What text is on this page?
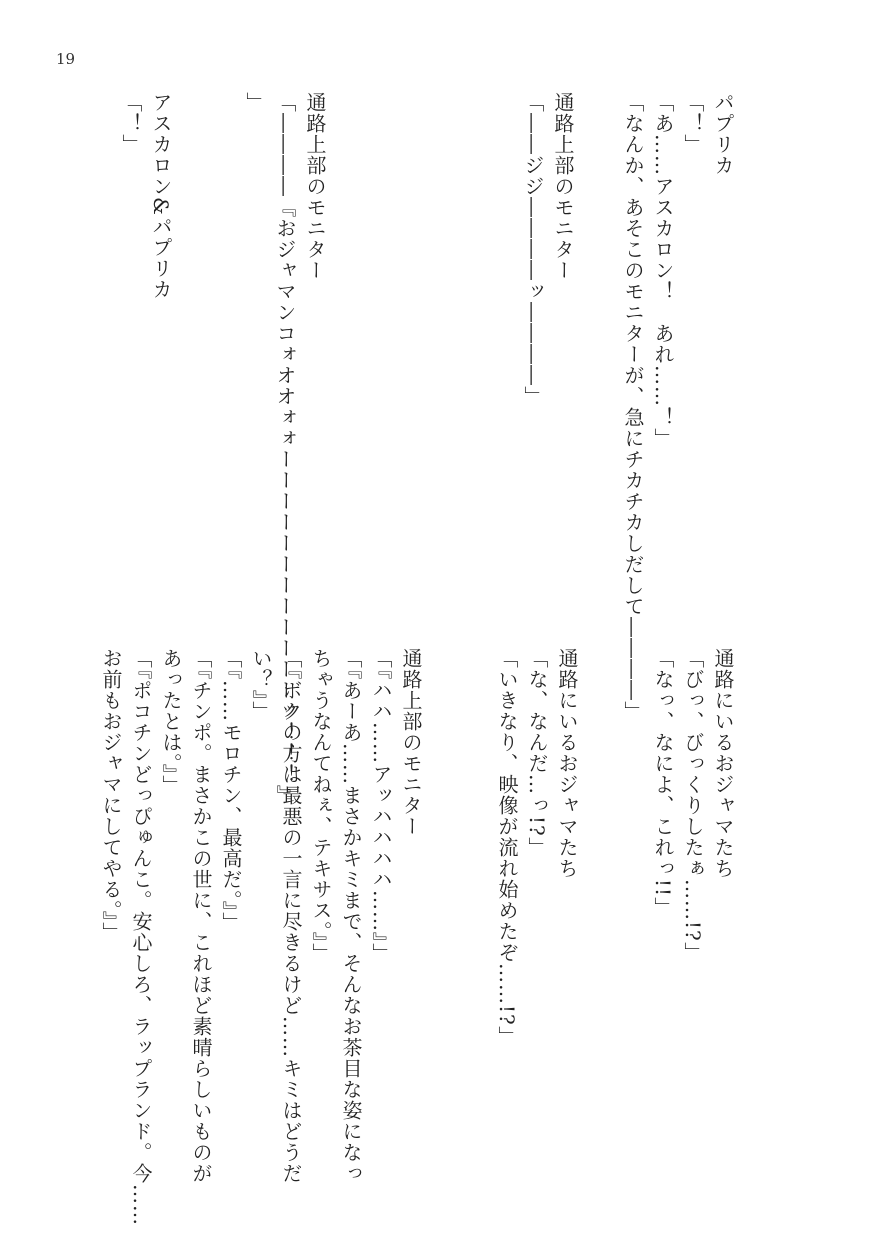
19
パプリカ
「！」
「あ……アスカロン！　あれ……！」
「なんか、あそこのモニターが、急にチカチカしだして――――」
通路上部のモニター
「――ジジ――――ッ――――」
通路上部のモニター
「――――『おジャマンコォオオォォーーーーーーーーーーーーッ！！！』
」
アスカロン&パプリカ
「！」
通路にいるおジャマたち
「びっ、びっくりしたぁ……!?」
「なっ、なによ、これっ!!」
通路にいるおジャマたち
「な、なんだ…っ!?」
「いきなり、映像が流れ始めたぞ……!?」
通路上部のモニター
「『ハハ……アッハハハハ……』」
「『あーあ……まさかキミまで、そんなお茶目な姿になっ
ちゃうなんてねぇ、テキサス。』」
「『ボクの方は最悪の一言に尽きるけど……キミはどうだ
い？』」
「『……モロチン、最高だ。』」
「『チンポ。まさかこの世に、これほど素晴らしいものが
あったとは。』」
「『ポコチンどっぴゅんこ。安心しろ、ラップランド。今……
お前もおジャマにしてやる。』」
